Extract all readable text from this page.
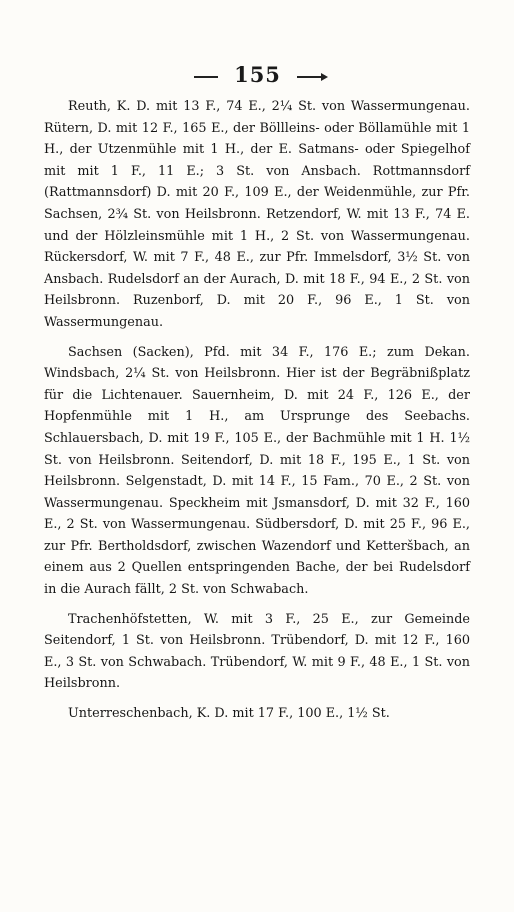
155

Reuth, K. D. mit 13 F., 74 E., 2¼ St. von Wassermungenau. Rütern, D. mit 12 F., 165 E., der Böllleins- oder Böllamühle mit 1 H., der Utzenmühle mit 1 H., der E. Satmans- oder Spiegelhof mit mit 1 F., 11 E.; 3 St. von Ansbach. Rottmannsdorf (Rattmannsdorf) D. mit 20 F., 109 E., der Weidenmühle, zur Pfr. Sachsen, 2¾ St. von Heilsbronn. Retzendorf, W. mit 13 F., 74 E. und der Hölzleinsmühle mit 1 H., 2 St. von Wassermungenau. Rückersdorf, W. mit 7 F., 48 E., zur Pfr. Immelsdorf, 3½ St. von Ansbach. Rudelsdorf an der Aurach, D. mit 18 F., 94 E., 2 St. von Heilsbronn. Ruzenborf, D. mit 20 F., 96 E., 1 St. von Wassermungenau.

Sachsen (Sacken), Pfd. mit 34 F., 176 E.; zum Dekan. Windsbach, 2¼ St. von Heilsbronn. Hier ist der Begräbnißplatz für die Lichtenauer. Sauernheim, D. mit 24 F., 126 E., der Hopfenmühle mit 1 H., am Ursprunge des Seebachs. Schlauersbach, D. mit 19 F., 105 E., der Bachmühle mit 1 H. 1½ St. von Heilsbronn. Seitendorf, D. mit 18 F., 195 E., 1 St. von Heilsbronn. Selgenstadt, D. mit 14 F., 15 Fam., 70 E., 2 St. von Wassermungenau. Speckheim mit Jsmansdorf, D. mit 32 F., 160 E., 2 St. von Wassermungenau. Südbersdorf, D. mit 25 F., 96 E., zur Pfr. Bertholdsdorf, zwischen Wazendorf und Ketteršbach, an einem aus 2 Quellen entspringenden Bache, der bei Rudelsdorf in die Aurach fällt, 2 St. von Schwabach.

Trachenhöfstetten, W. mit 3 F., 25 E., zur Gemeinde Seitendorf, 1 St. von Heilsbronn. Trübendorf, D. mit 12 F., 160 E., 3 St. von Schwabach. Trübendorf, W. mit 9 F., 48 E., 1 St. von Heilsbronn.

Unterreschenbach, K. D. mit 17 F., 100 E., 1½ St.
